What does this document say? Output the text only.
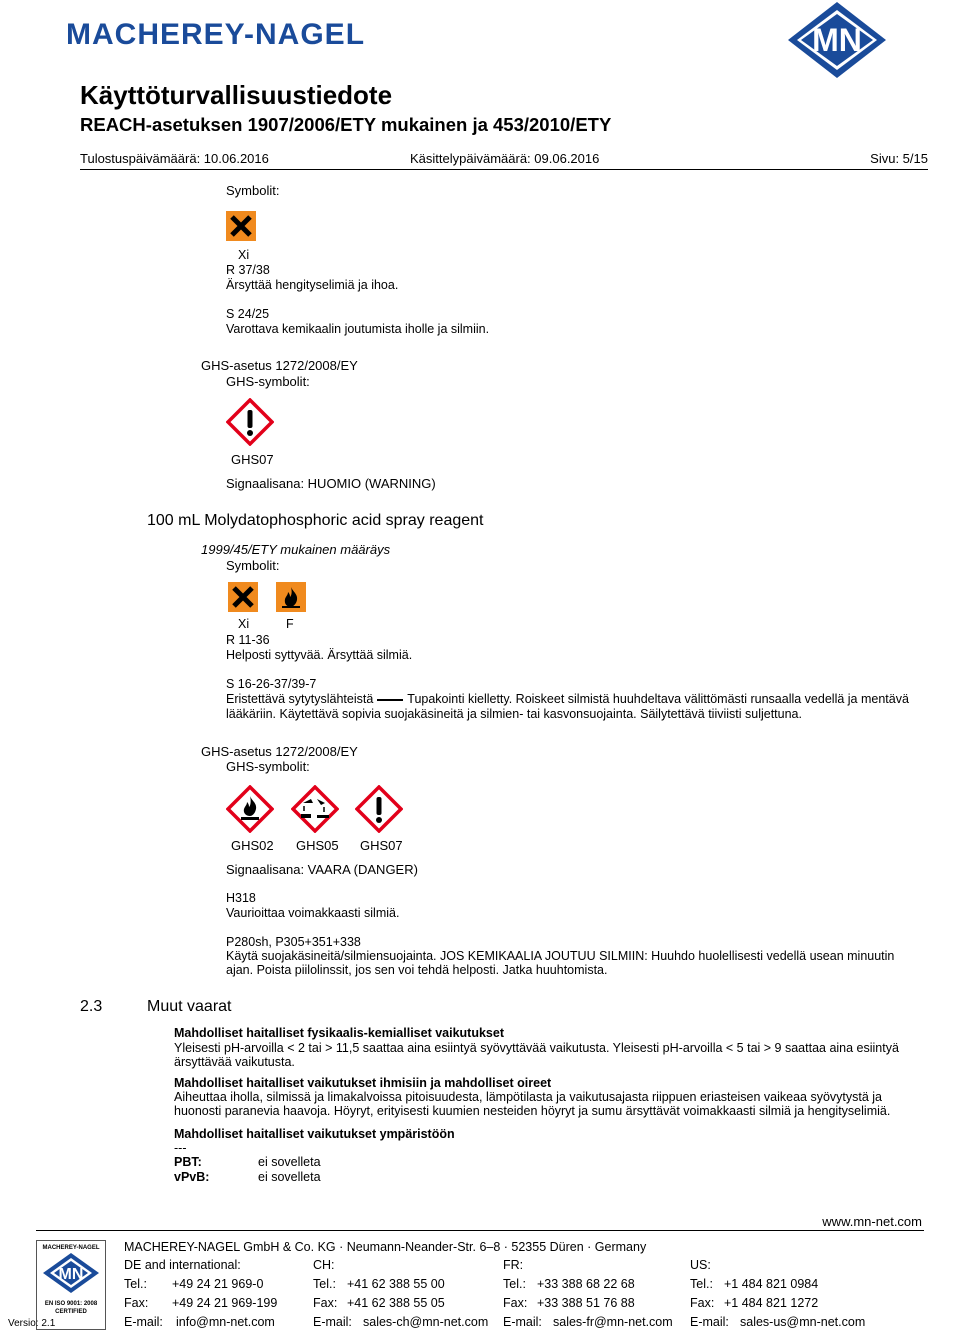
MACHEREY-NAGEL	MN
Käyttöturvallisuustiedote
REACH-asetuksen 1907/2006/ETY mukainen ja 453/2010/ETY
Tulostuspäivämäärä: 10.06.2016	Käsittelypäivämäärä: 09.06.2016	Sivu: 5/15
Symbolit:
Xi
R 37/38
Ärsyttää hengityselimiä ja ihoa.
S 24/25
Varottava kemikaalin joutumista iholle ja silmiin.
GHS-asetus 1272/2008/EY
GHS-symbolit:
GHS07
Signaalisana: HUOMIO (WARNING)
100 mL Molydatophosphoric acid spray reagent
1999/45/ETY mukainen määräys
Symbolit:
Xi	F
R 11-36
Helposti syttyvää. Ärsyttää silmiä.
S 16-26-37/39-7
Eristettävä sytytyslähteistä	Tupakointi kielletty. Roiskeet silmistä huuhdeltava välittömästi runsaalla vedellä ja mentävä
lääkäriin. Käytettävä sopivia suojakäsineitä ja silmien- tai kasvonsuojainta. Säilytettävä tiiviisti suljettuna.
GHS-asetus 1272/2008/EY
GHS-symbolit:
GHS02 GHS05 GHS07
Signaalisana: VAARA (DANGER)
H318
Vaurioittaa voimakkaasti silmiä.
P280sh, P305+351+338
Käytä suojakäsineitä/silmiensuojainta. JOS KEMIKAALIA JOUTUU SILMIIN: Huuhdo huolellisesti vedellä usean minuutin
ajan. Poista piilolinssit, jos sen voi tehdä helposti. Jatka huuhtomista.
2.3	Muut vaarat
Mahdolliset haitalliset fysikaalis-kemialliset vaikutukset
Yleisesti pH-arvoilla < 2 tai > 11,5 saattaa aina esiintyä syövyttävää vaikutusta. Yleisesti pH-arvoilla < 5 tai > 9 saattaa aina esiintyä
ärsyttävää vaikutusta.
Mahdolliset haitalliset vaikutukset ihmisiin ja mahdolliset oireet
Aiheuttaa iholla, silmissä ja limakalvoissa pitoisuudesta, lämpötilasta ja vaikutusajasta riippuen eriasteisen vaikeaa syövytystä ja
huonosti paranevia haavoja. Höyryt, erityisesti kuumien nesteiden höyryt ja sumu ärsyttävät voimakkaasti silmiä ja hengityselimiä.
Mahdolliset haitalliset vaikutukset ympäristöön
---
PBT:	ei sovelleta
vPvB:	ei sovelleta
www.mn-net.com
MACHEREY-NAGEL
MN
EN ISO 9001: 2008
CERTIFIED
Versio: 2.1
MACHEREY-NAGEL GmbH & Co. KG · Neumann-Neander-Str. 6–8 · 52355 Düren · Germany
DE and international:
Tel.: +49 24 21 969-0
Fax: +49 24 21 969-199
E-mail: info@mn-net.com
CH:
Tel.: +41 62 388 55 00
Fax: +41 62 388 55 05
E-mail: sales-ch@mn-net.com
FR:
Tel.: +33 388 68 22 68
Fax: +33 388 51 76 88
E-mail: sales-fr@mn-net.com
US:
Tel.: +1 484 821 0984
Fax: +1 484 821 1272
E-mail: sales-us@mn-net.com
